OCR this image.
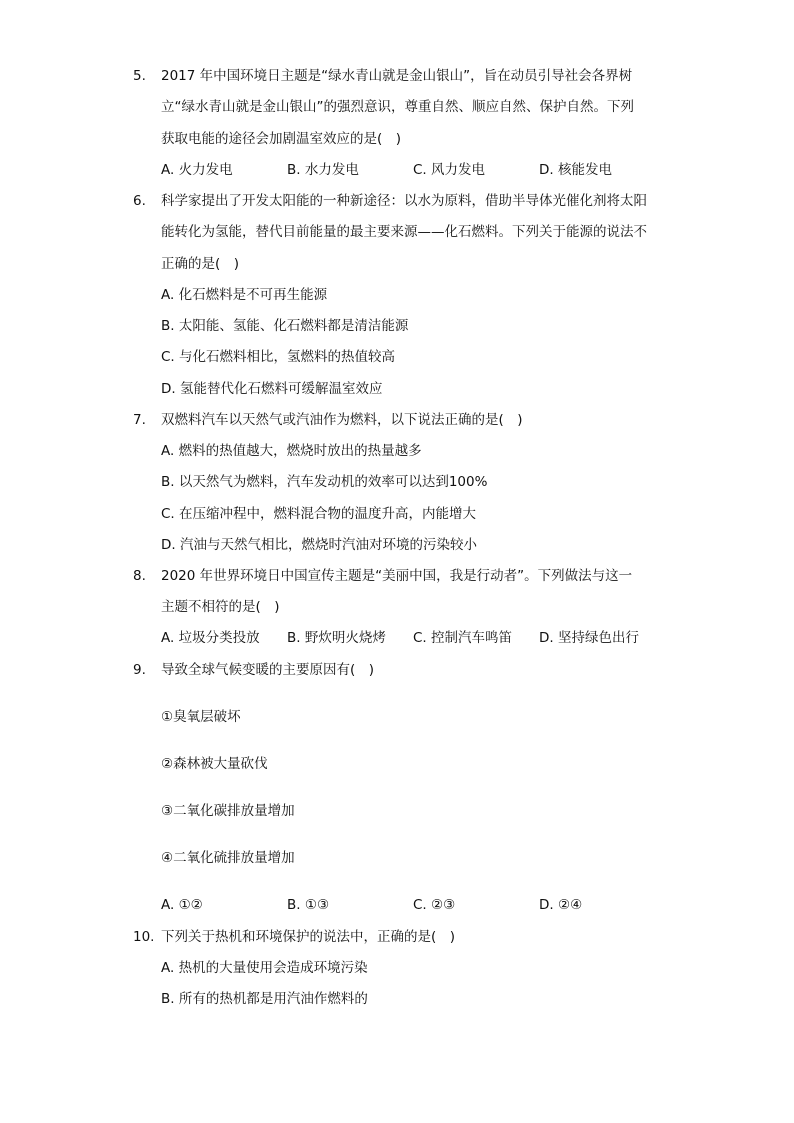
5. 2017 年中国环境日主题是“绿水青山就是金山银山”，旨在动员引导社会各界树
立“绿水青山就是金山银山”的强烈意识，尊重自然、顺应自然、保护自然。下列
获取电能的途径会加剧温室效应的是(　)
A. 火力发电	B. 水力发电	C. 风力发电	D. 核能发电
6. 科学家提出了开发太阳能的一种新途径：以水为原料，借助半导体光催化剂将太阳
能转化为氢能，替代目前能量的最主要来源——化石燃料。下列关于能源的说法不
正确的是(　)
A. 化石燃料是不可再生能源
B. 太阳能、氢能、化石燃料都是清洁能源
C. 与化石燃料相比，氢燃料的热值较高
D. 氢能替代化石燃料可缓解温室效应
7. 双燃料汽车以天然气或汽油作为燃料，以下说法正确的是(　)
A. 燃料的热值越大，燃烧时放出的热量越多
B. 以天然气为燃料，汽车发动机的效率可以达到100%
C. 在压缩冲程中，燃料混合物的温度升高，内能增大
D. 汽油与天然气相比，燃烧时汽油对环境的污染较小
8. 2020 年世界环境日中国宣传主题是“美丽中国，我是行动者”。下列做法与这一
主题不相符的是(　)
A. 垃圾分类投放 B. 野炊明火烧烤 C. 控制汽车鸣笛 D. 坚持绿色出行
9. 导致全球气候变暖的主要原因有(　)
①臭氧层破坏
②森林被大量砍伐
③二氧化碳排放量增加
④二氧化硫排放量增加
A. ①②	B. ①③	C. ②③	D. ②④
10. 下列关于热机和环境保护的说法中，正确的是(　)
A. 热机的大量使用会造成环境污染
B. 所有的热机都是用汽油作燃料的
